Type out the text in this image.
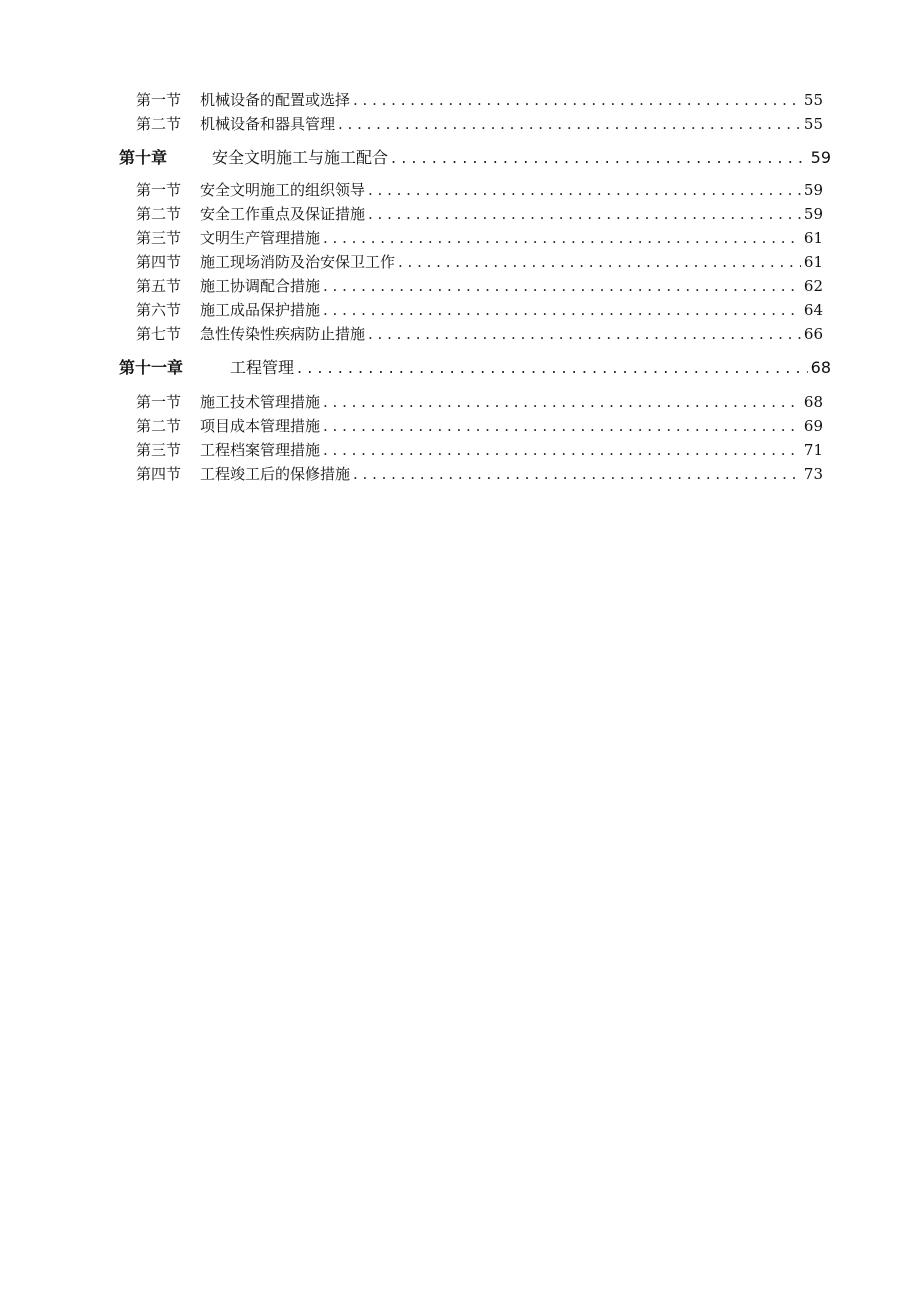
第一节	机械设备的配置或选择 . . .	55
第二节	机械设备和器具管理 . . .	55
第十章	安全文明施工与施工配合 . . .	59
第一节	安全文明施工的组织领导 . . .	59
第二节	安全工作重点及保证措施 . . .	59
第三节	文明生产管理措施 . . .	61
第四节	施工现场消防及治安保卫工作 . . .	61
第五节	施工协调配合措施 . . .	62
第六节	施工成品保护措施 . . .	64
第七节	急性传染性疾病防止措施 . . .	66
第十一章	工程管理 . . .	68
第一节	施工技术管理措施 . . .	68
第二节	项目成本管理措施 . . .	69
第三节	工程档案管理措施 . . .	71
第四节	工程竣工后的保修措施 . . .	73
